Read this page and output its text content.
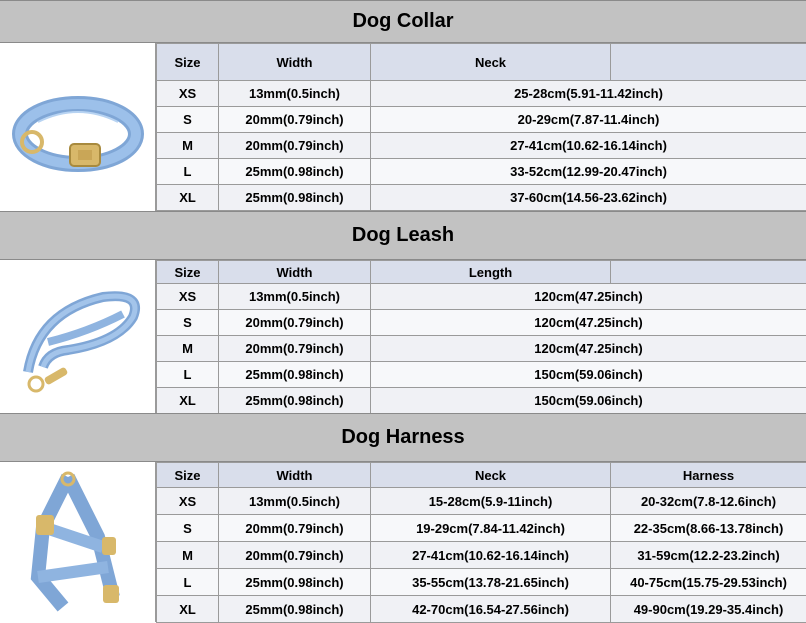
Dog Collar
Size	Width	Neck	
XS	13mm(0.5inch)	25-28cm(5.91-11.42inch)	
S	20mm(0.79inch)	20-29cm(7.87-11.4inch)	
M	20mm(0.79inch)	27-41cm(10.62-16.14inch)	
L	25mm(0.98inch)	33-52cm(12.99-20.47inch)	
XL	25mm(0.98inch)	37-60cm(14.56-23.62inch)	
Dog Leash
Size	Width	Length	
XS	13mm(0.5inch)	120cm(47.25inch)	
S	20mm(0.79inch)	120cm(47.25inch)	
M	20mm(0.79inch)	120cm(47.25inch)	
L	25mm(0.98inch)	150cm(59.06inch)	
XL	25mm(0.98inch)	150cm(59.06inch)	
Dog Harness
Size	Width	Neck	Harness
XS	13mm(0.5inch)	15-28cm(5.9-11inch)	20-32cm(7.8-12.6inch)
S	20mm(0.79inch)	19-29cm(7.84-11.42inch)	22-35cm(8.66-13.78inch)
M	20mm(0.79inch)	27-41cm(10.62-16.14inch)	31-59cm(12.2-23.2inch)
L	25mm(0.98inch)	35-55cm(13.78-21.65inch)	40-75cm(15.75-29.53inch)
XL	25mm(0.98inch)	42-70cm(16.54-27.56inch)	49-90cm(19.29-35.4inch)
